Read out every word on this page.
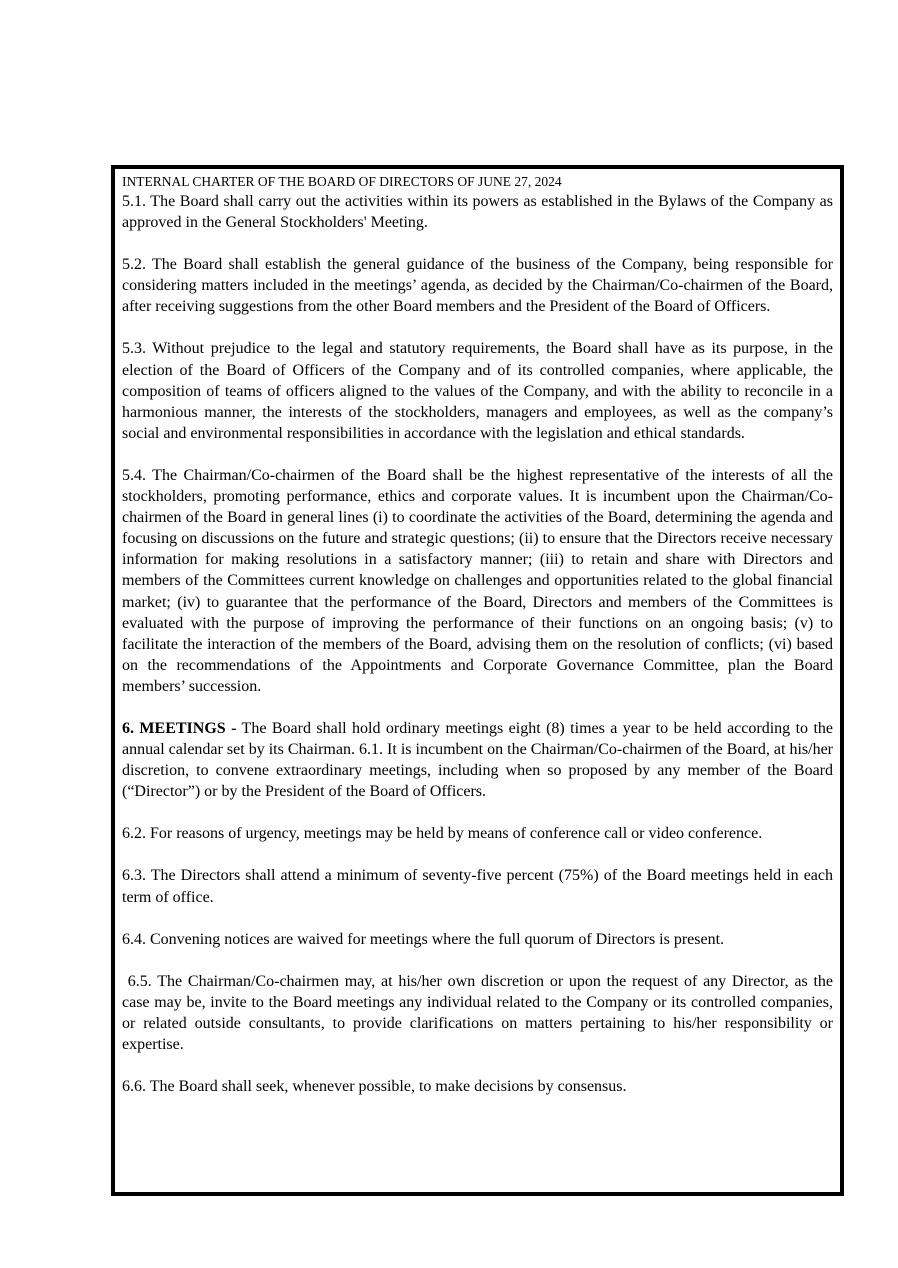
INTERNAL CHARTER OF THE BOARD OF DIRECTORS OF JUNE 27, 2024

5.1. The Board shall carry out the activities within its powers as established in the Bylaws of the Company as approved in the General Stockholders' Meeting.

5.2. The Board shall establish the general guidance of the business of the Company, being responsible for considering matters included in the meetings’ agenda, as decided by the Chairman/Co-chairmen of the Board, after receiving suggestions from the other Board members and the President of the Board of Officers.

5.3. Without prejudice to the legal and statutory requirements, the Board shall have as its purpose, in the election of the Board of Officers of the Company and of its controlled companies, where applicable, the composition of teams of officers aligned to the values of the Company, and with the ability to reconcile in a harmonious manner, the interests of the stockholders, managers and employees, as well as the company’s social and environmental responsibilities in accordance with the legislation and ethical standards.

5.4. The Chairman/Co-chairmen of the Board shall be the highest representative of the interests of all the stockholders, promoting performance, ethics and corporate values. It is incumbent upon the Chairman/Co-chairmen of the Board in general lines (i) to coordinate the activities of the Board, determining the agenda and focusing on discussions on the future and strategic questions; (ii) to ensure that the Directors receive necessary information for making resolutions in a satisfactory manner; (iii) to retain and share with Directors and members of the Committees current knowledge on challenges and opportunities related to the global financial market; (iv) to guarantee that the performance of the Board, Directors and members of the Committees is evaluated with the purpose of improving the performance of their functions on an ongoing basis; (v) to facilitate the interaction of the members of the Board, advising them on the resolution of conflicts; (vi) based on the recommendations of the Appointments and Corporate Governance Committee, plan the Board members’ succession.

6. MEETINGS - The Board shall hold ordinary meetings eight (8) times a year to be held according to the annual calendar set by its Chairman. 6.1. It is incumbent on the Chairman/Co-chairmen of the Board, at his/her discretion, to convene extraordinary meetings, including when so proposed by any member of the Board (“Director”) or by the President of the Board of Officers.

6.2. For reasons of urgency, meetings may be held by means of conference call or video conference.

6.3. The Directors shall attend a minimum of seventy-five percent (75%) of the Board meetings held in each term of office.

6.4. Convening notices are waived for meetings where the full quorum of Directors is present.

6.5. The Chairman/Co-chairmen may, at his/her own discretion or upon the request of any Director, as the case may be, invite to the Board meetings any individual related to the Company or its controlled companies, or related outside consultants, to provide clarifications on matters pertaining to his/her responsibility or expertise.

6.6. The Board shall seek, whenever possible, to make decisions by consensus.
